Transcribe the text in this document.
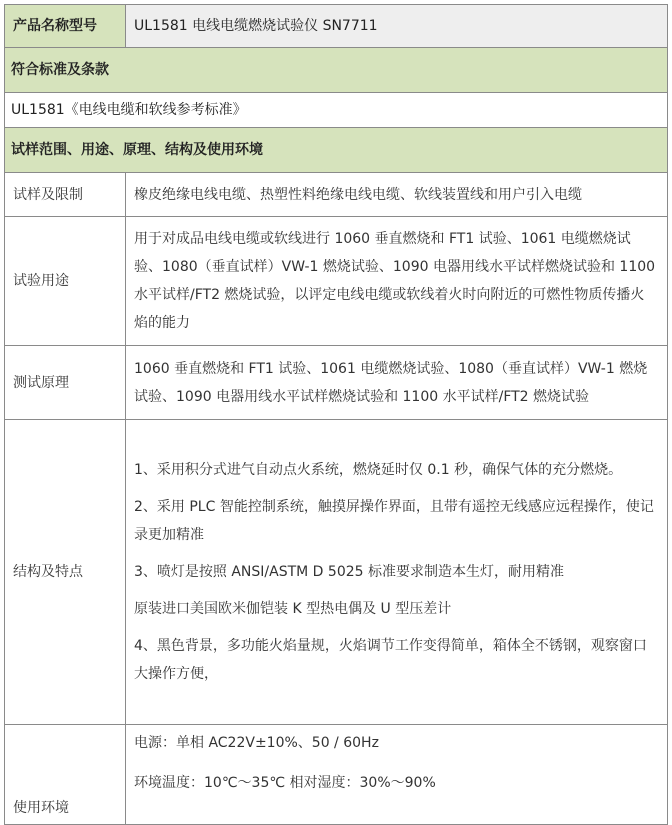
产品名称型号	UL1581 电线电缆燃烧试验仪 SN7711
符合标准及条款	
UL1581《电线电缆和软线参考标准》	
试样范围、用途、原理、结构及使用环境	
试样及限制	橡皮绝缘电线电缆、热塑性料绝缘电线电缆、软线装置线和用户引入电缆
试验用途	用于对成品电线电缆或软线进行 1060 垂直燃烧和 FT1 试验、1061 电缆燃烧试验、1080（垂直试样）VW-1 燃烧试验、1090 电器用线水平试样燃烧试验和 1100 水平试样/FT2 燃烧试验，以评定电线电缆或软线着火时向附近的可燃性物质传播火焰的能力
测试原理	1060 垂直燃烧和 FT1 试验、1061 电缆燃烧试验、1080（垂直试样）VW-1 燃烧试验、1090 电器用线水平试样燃烧试验和 1100 水平试样/FT2 燃烧试验
结构及特点	1、采用积分式进气自动点火系统，燃烧延时仅 0.1 秒，确保气体的充分燃烧。

2、采用 PLC 智能控制系统，触摸屏操作界面，且带有遥控无线感应远程操作，使记录更加精准

3、喷灯是按照 ANSI/ASTM D 5025 标准要求制造本生灯，耐用精准

原装进口美国欧米伽铠装 K 型热电偶及 U 型压差计

4、黑色背景，多功能火焰量规，火焰调节工作变得简单，箱体全不锈钢，观察窗口大操作方便，

使用环境	电源：单相 AC22V±10%、50 / 60Hz

环境温度：10℃～35℃ 相对湿度：30%～90%
